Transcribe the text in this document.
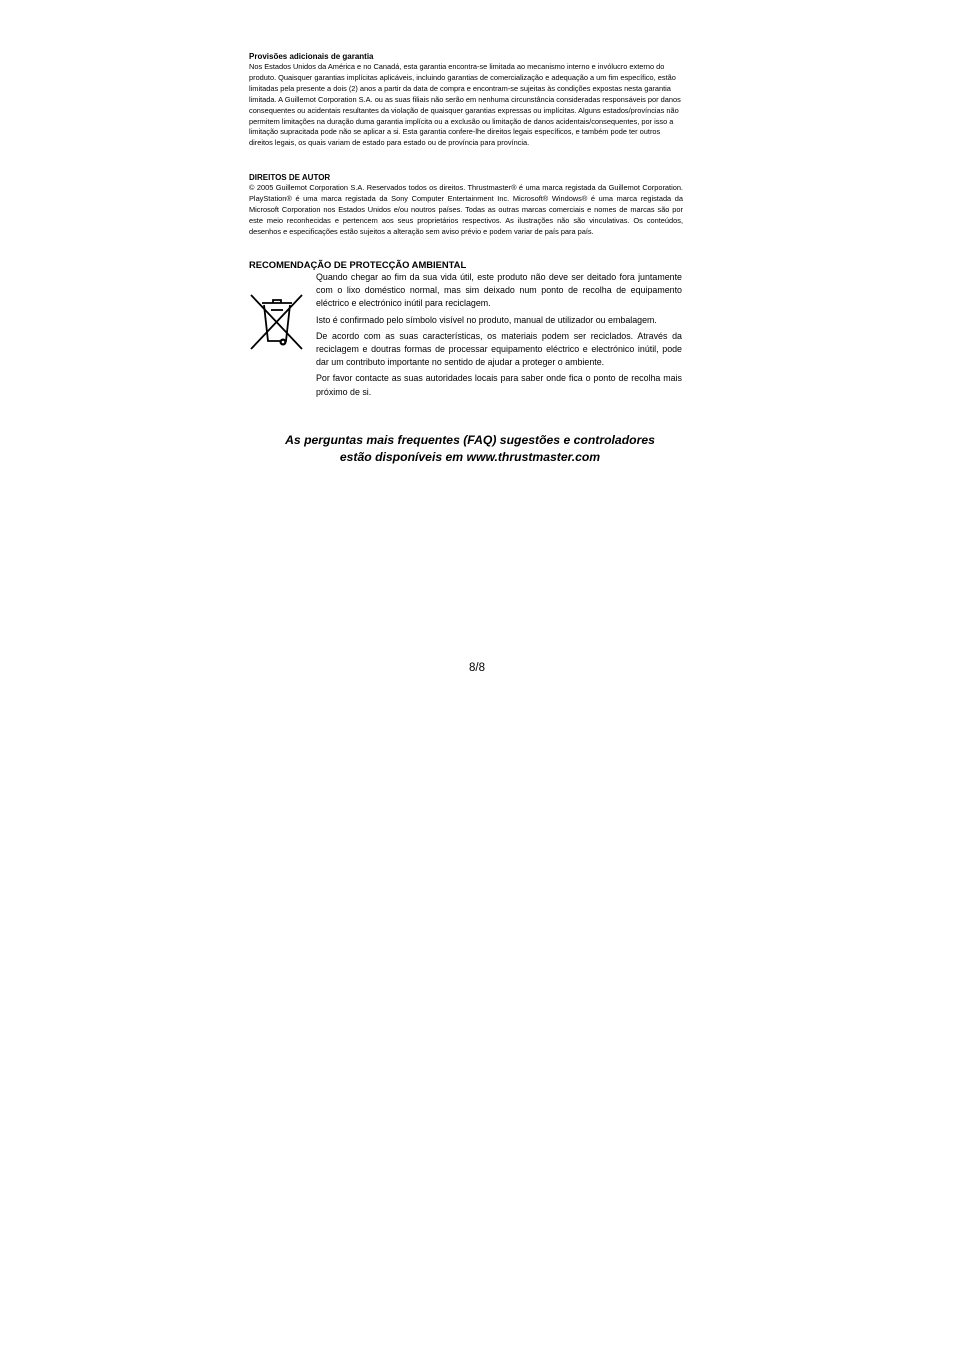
Provisões adicionais de garantia

Nos Estados Unidos da América e no Canadá, esta garantia encontra-se limitada ao mecanismo interno e invólucro externo do produto. Quaisquer garantias implícitas aplicáveis, incluindo garantias de comercialização e adequação a um fim específico, estão limitadas pela presente a dois (2) anos a partir da data de compra e encontram-se sujeitas às condições expostas nesta garantia limitada. A Guillemot Corporation S.A. ou as suas filiais não serão em nenhuma circunstância consideradas responsáveis por danos consequentes ou acidentais resultantes da violação de quaisquer garantias expressas ou implícitas. Alguns estados/províncias não permitem limitações na duração duma garantia implícita ou a exclusão ou limitação de danos acidentais/consequentes, por isso a limitação supracitada pode não se aplicar a si. Esta garantia confere-lhe direitos legais específicos, e também pode ter outros direitos legais, os quais variam de estado para estado ou de província para província.

DIREITOS DE AUTOR

© 2005 Guillemot Corporation S.A. Reservados todos os direitos. Thrustmaster® é uma marca registada da Guillemot Corporation. PlayStation® é uma marca registada da Sony Computer Entertainment Inc. Microsoft® Windows® é uma marca registada da Microsoft Corporation nos Estados Unidos e/ou noutros países. Todas as outras marcas comerciais e nomes de marcas são por este meio reconhecidas e pertencem aos seus proprietários respectivos. As ilustrações não são vinculativas. Os conteúdos, desenhos e especificações estão sujeitos a alteração sem aviso prévio e podem variar de país para país.

RECOMENDAÇÃO DE PROTECÇÃO AMBIENTAL

Quando chegar ao fim da sua vida útil, este produto não deve ser deitado fora juntamente com o lixo doméstico normal, mas sim deixado num ponto de recolha de equipamento eléctrico e electrónico inútil para reciclagem.

Isto é confirmado pelo símbolo visível no produto, manual de utilizador ou embalagem.

De acordo com as suas características, os materiais podem ser reciclados. Através da reciclagem e doutras formas de processar equipamento eléctrico e electrónico inútil, pode dar um contributo importante no sentido de ajudar a proteger o ambiente.

Por favor contacte as suas autoridades locais para saber onde fica o ponto de recolha mais próximo de si.

As perguntas mais frequentes (FAQ) sugestões e controladores
estão disponíveis em www.thrustmaster.com
8/8
